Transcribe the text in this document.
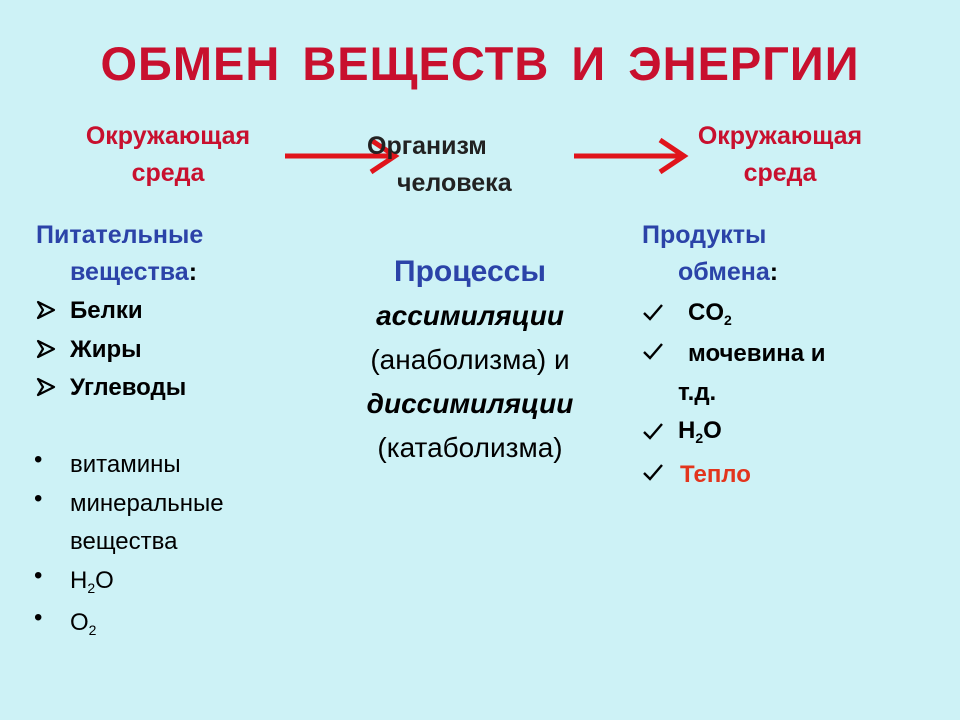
ОБМЕН ВЕЩЕСТВ И ЭНЕРГИИ
Окружающая
среда
Организм
человека
Окружающая
среда
Питательные
вещества:
Белки
Жиры
Углеводы
• витамины
• минеральные
вещества
• $H_2O$
• $O_2$
Процессы
ассимиляции
(анаболизма) и
диссимиляции
(катаболизма)
Продукты
обмена:
$CO_2$
мочевина и
т.д.
$H_2O$
Тепло
